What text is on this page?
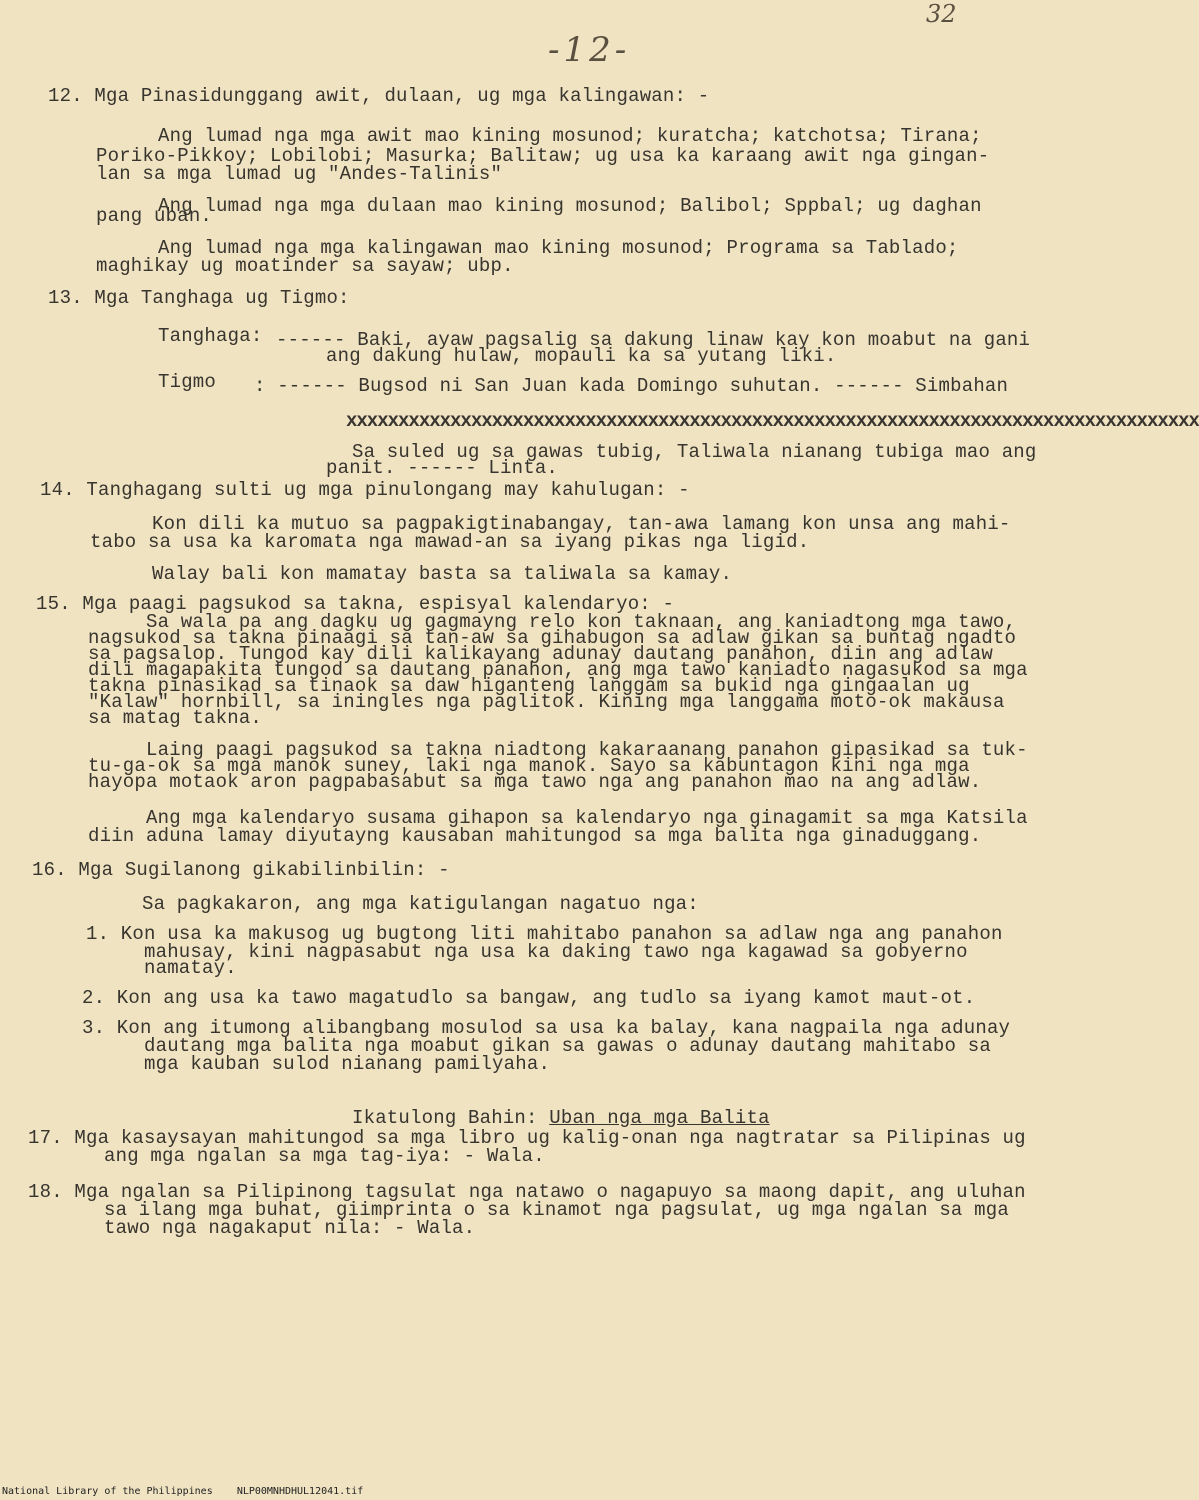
-12-
32
12. Mga Pinasidunggang awit, dulaan, ug mga kalingawan: -
Ang lumad nga mga awit mao kining mosunod; kuratcha; katchotsa; Tirana;
Poriko-Pikkoy; Lobilobi; Masurka; Balitaw; ug usa ka karaang awit nga gingan-
lan sa mga lumad ug "Andes-Talinis"
Ang lumad nga mga dulaan mao kining mosunod; Balibol; Sppbal; ug daghan
pang uban.
Ang lumad nga mga kalingawan mao kining mosunod; Programa sa Tablado;
maghikay ug moatinder sa sayaw; ubp.
13. Mga Tanghaga ug Tigmo:
Tanghaga: ------ Baki, ayaw pagsalig sa dakung linaw kay kon moabut na gani
ang dakung hulaw, mopauli ka sa yutang liki.
Tigmo : ------ Bugsod ni San Juan kada Domingo suhutan. ------ Simbahan
xxxxxxxxxxxxxxxxxxxxxxxxxxxxxxxxxxxxxxxxxxxxxxxxxxxxxxxxxxxxxxxxxxxxxxxxxxxxxxxxxx
Sa suled ug sa gawas tubig, Taliwala nianang tubiga mao ang
panit. ------ Linta.
14. Tanghagang sulti ug mga pinulongang may kahulugan: -
Kon dili ka mutuo sa pagpakigtinabangay, tan-awa lamang kon unsa ang mahi-
tabo sa usa ka karomata nga mawad-an sa iyang pikas nga ligid.
Walay bali kon mamatay basta sa taliwala sa kamay.
15. Mga paagi pagsukod sa takna, espisyal kalendaryo: -
Sa wala pa ang dagku ug gagmayng relo kon taknaan, ang kaniadtong mga tawo,
nagsukod sa takna pinaagi sa tan-aw sa gihabugon sa adlaw gikan sa buntag ngadto
sa pagsalop. Tungod kay dili kalikayang adunay dautang panahon, diin ang adlaw
dili magapakita tungod sa dautang panahon, ang mga tawo kaniadto nagasukod sa mga
takna pinasikad sa tinaok sa daw higanteng langgam sa bukid nga gingaalan ug
"Kalaw" hornbill, sa iningles nga paglitok. Kining mga langgama moto-ok makausa
sa matag takna.
Laing paagi pagsukod sa takna niadtong kakaraanang panahon gipasikad sa tuk-
tu-ga-ok sa mga manok suney, laki nga manok. Sayo sa kabuntagon kini nga mga
hayopa motaok aron pagpabasabut sa mga tawo nga ang panahon mao na ang adlaw.
Ang mga kalendaryo susama gihapon sa kalendaryo nga ginagamit sa mga Katsila
diin aduna lamay diyutayng kausaban mahitungod sa mga balita nga ginaduggang.
16. Mga Sugilanong gikabilinbilin: -
Sa pagkakaron, ang mga katigulangan nagatuo nga:
1. Kon usa ka makusog ug bugtong liti mahitabo panahon sa adlaw nga ang panahon
mahusay, kini nagpasabut nga usa ka daking tawo nga kagawad sa gobyerno
namatay.
2. Kon ang usa ka tawo magatudlo sa bangaw, ang tudlo sa iyang kamot maut-ot.
3. Kon ang itumong alibangbang mosulod sa usa ka balay, kana nagpaila nga adunay
dautang mga balita nga moabut gikan sa gawas o adunay dautang mahitabo sa
mga kauban sulod nianang pamilyaha.
Ikatulong Bahin: Uban nga mga Balita
17. Mga kasaysayan mahitungod sa mga libro ug kalig-onan nga nagtratar sa Pilipinas ug
ang mga ngalan sa mga tag-iya: - Wala.
18. Mga ngalan sa Pilipinong tagsulat nga natawo o nagapuyo sa maong dapit, ang uluhan
sa ilang mga buhat, giimprinta o sa kinamot nga pagsulat, ug mga ngalan sa mga
tawo nga nagakaput nila: - Wala.
National Library of the Philippines NLP00MNHDHUL12041.tif
